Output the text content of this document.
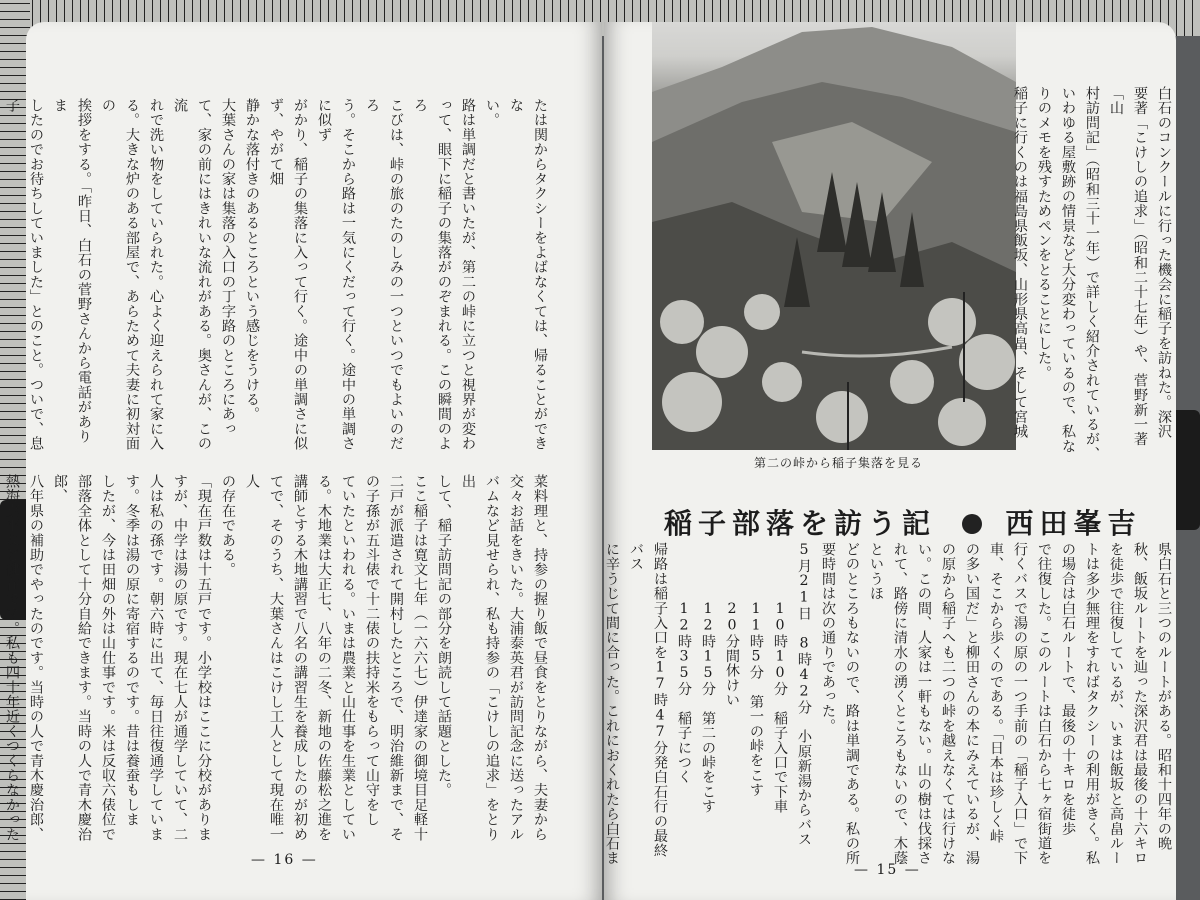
たは関からタクシーをよばなくては、帰ることができな
い。
路は単調だと書いたが、第二の峠に立つと視界が変わ
って、眼下に稲子の集落がのぞまれる。この瞬間のよろ
こびは、峠の旅のたのしみの一つといつでもよいのだろ
う。そこから路は一気にくだって行く。途中の単調さに似ず
がかり、稲子の集落に入って行く。途中の単調さに似ず、やがて畑
静かな落付きのあるところという感じをうける。
大葉さんの家は集落の入口の丁字路のところにあっ
て、家の前にはきれいな流れがある。奥さんが、この流
れで洗い物をしていられた。心よく迎えられて家に入
る。大きな炉のある部屋で、あらためて夫妻に初対面の
挨拶をする。「昨日、白石の菅野さんから電話がありま
したのでお待ちしていました」とのこと。ついで、息子
菜料理と、持参の握り飯で昼食をとりながら、夫妻から
交々お話をきいた。大浦泰英君が訪問記念に送ったアル
バムなど見せられ、私も持参の「こけしの追求」をとり出
して、稲子訪問記の部分を朗読して話題とした。
ここ稲子は寛文七年（一六六七）伊達家の御境目足軽十
二戸が派遣されて開村したところで、明治維新まで、そ
の子孫が五斗俵で十二俵の扶持米をもらって山守をし
ていたといわれる。いまは農業と山仕事を生業としてい
る。木地業は大正七、八年の二冬、新地の佐藤松之進を
講師とする木地講習で八名の講習生を養成したのが初め
てで、そのうち、大葉さんはこけし工人として現在唯一人
の存在である。
「現在戸数は十五戸です。小学校はここに分校がありま
すが、中学は湯の原です。現在七人が通学していて、二
人は私の孫です。朝六時に出て、毎日往復通学していま
す。冬季は湯の原に寄宿するのです。昔は養蚕もしま
したが、今は田畑の外は山仕事です。米は反収六俵位で
部落全体として十分自給できます。当時の人で青木慶治郎、
八年県の補助でやったのです。当時の人で青木慶治郎、
熱海嘉平など健在です。私も四十年近くつくらなかった
— 16 —
第二の峠から稲子集落を見る
白石のコンクールに行った機会に稲子を訪ねた。深沢
要著「こけしの追求」（昭和二十七年）や、菅野新一著「山
村訪問記」（昭和三十一年）で詳しく紹介されているが、
いわゆる屋敷跡の情景など大分変わっているので、私な
りのメモを残すためペンをとることにした。
稲子に行くのは福島県飯坂、山形県高畠、そして宮城
稲子部落を訪う記 西田峯吉
県白石と三つのルートがある。昭和十四年の晩
秋、飯坂ルートを辿った深沢君は最後の十六キロ
を徒歩で往復しているが、いまは飯坂と高畠ルー
トは多少無理をすればタクシーの利用がきく。私
の場合は白石ルートで、最後の十キロを徒歩
で往復した。このルートは白石から七ヶ宿街道を
行くバスで湯の原の一つ手前の「稲子入口」で下
車、そこから歩くのである。「日本は珍しく峠
の多い国だ」と柳田さんの本にみえているが、湯
の原から稲子へも二つの峠を越えなくては行けな
い。この間、人家は一軒もない。山の樹は伐採さ
れて、路傍に清水の湧くところもないので、木蔭というほ
どのところもないので、路は単調である。私の所
要時間は次の通りであった。
5月21日　8時42分　小原新湯からバス
　　　　10時10分　稲子入口で下車
　　　　11時5分　第一の峠をこす
　　　　20分間休けい
　　　　12時15分　第二の峠をこす
　　　　12時35分　稲子につく
帰路は稲子入口を17時47分発白石行の最終バス
に辛うじて間に合った。これにおくれたら白石ま
— 15 —
